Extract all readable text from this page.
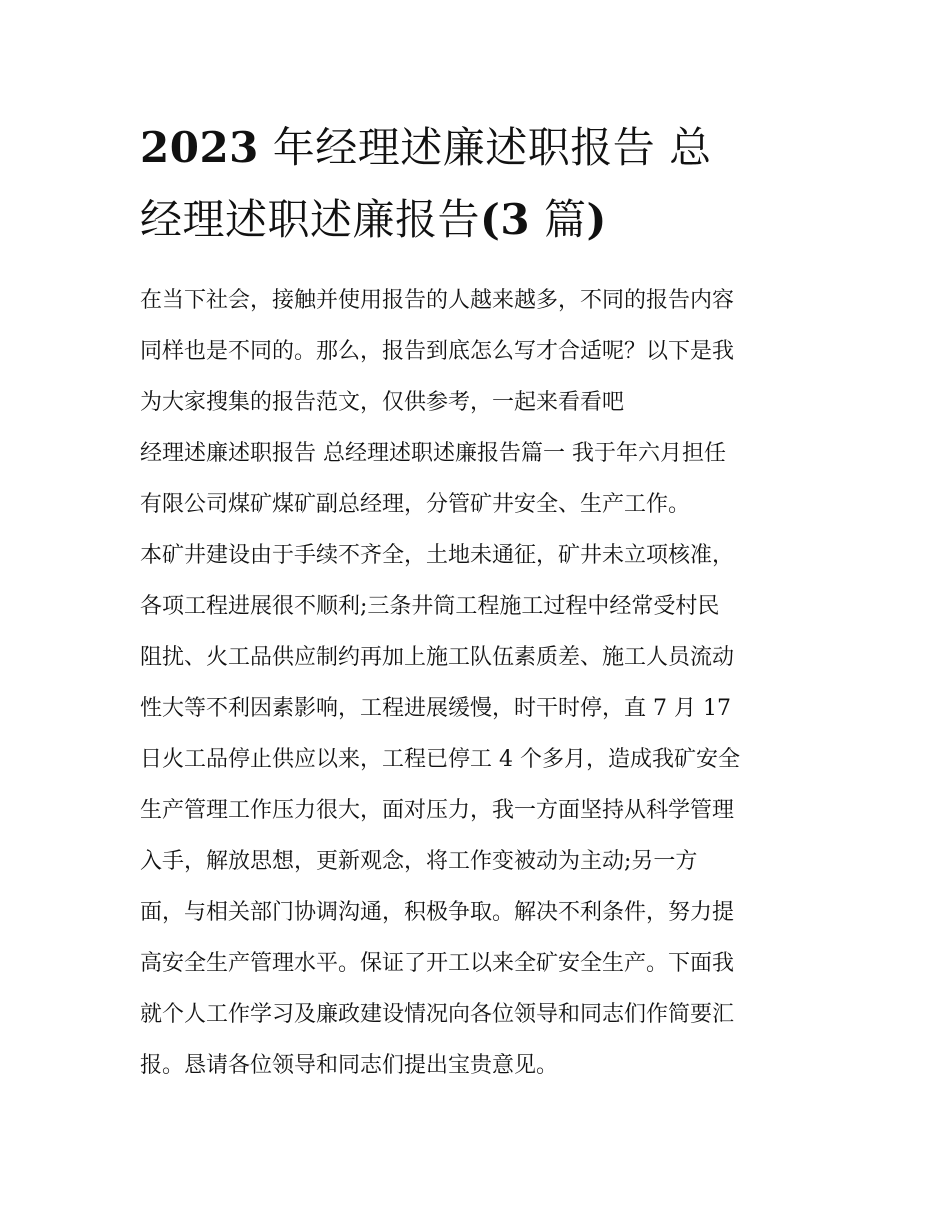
2023 年经理述廉述职报告 总
经理述职述廉报告(3 篇)
在当下社会，接触并使用报告的人越来越多，不同的报告内容
同样也是不同的。那么，报告到底怎么写才合适呢？以下是我
为大家搜集的报告范文，仅供参考，一起来看看吧
经理述廉述职报告 总经理述职述廉报告篇一 我于年六月担任
有限公司煤矿煤矿副总经理，分管矿井安全、生产工作。
本矿井建设由于手续不齐全，土地未通征，矿井未立项核准，
各项工程进展很不顺利;三条井筒工程施工过程中经常受村民
阻扰、火工品供应制约再加上施工队伍素质差、施工人员流动
性大等不利因素影响，工程进展缓慢，时干时停，直 7 月 17
日火工品停止供应以来，工程已停工 4 个多月，造成我矿安全
生产管理工作压力很大，面对压力，我一方面坚持从科学管理
入手，解放思想，更新观念，将工作变被动为主动;另一方
面，与相关部门协调沟通，积极争取。解决不利条件，努力提
高安全生产管理水平。保证了开工以来全矿安全生产。下面我
就个人工作学习及廉政建设情况向各位领导和同志们作简要汇
报。恳请各位领导和同志们提出宝贵意见。
